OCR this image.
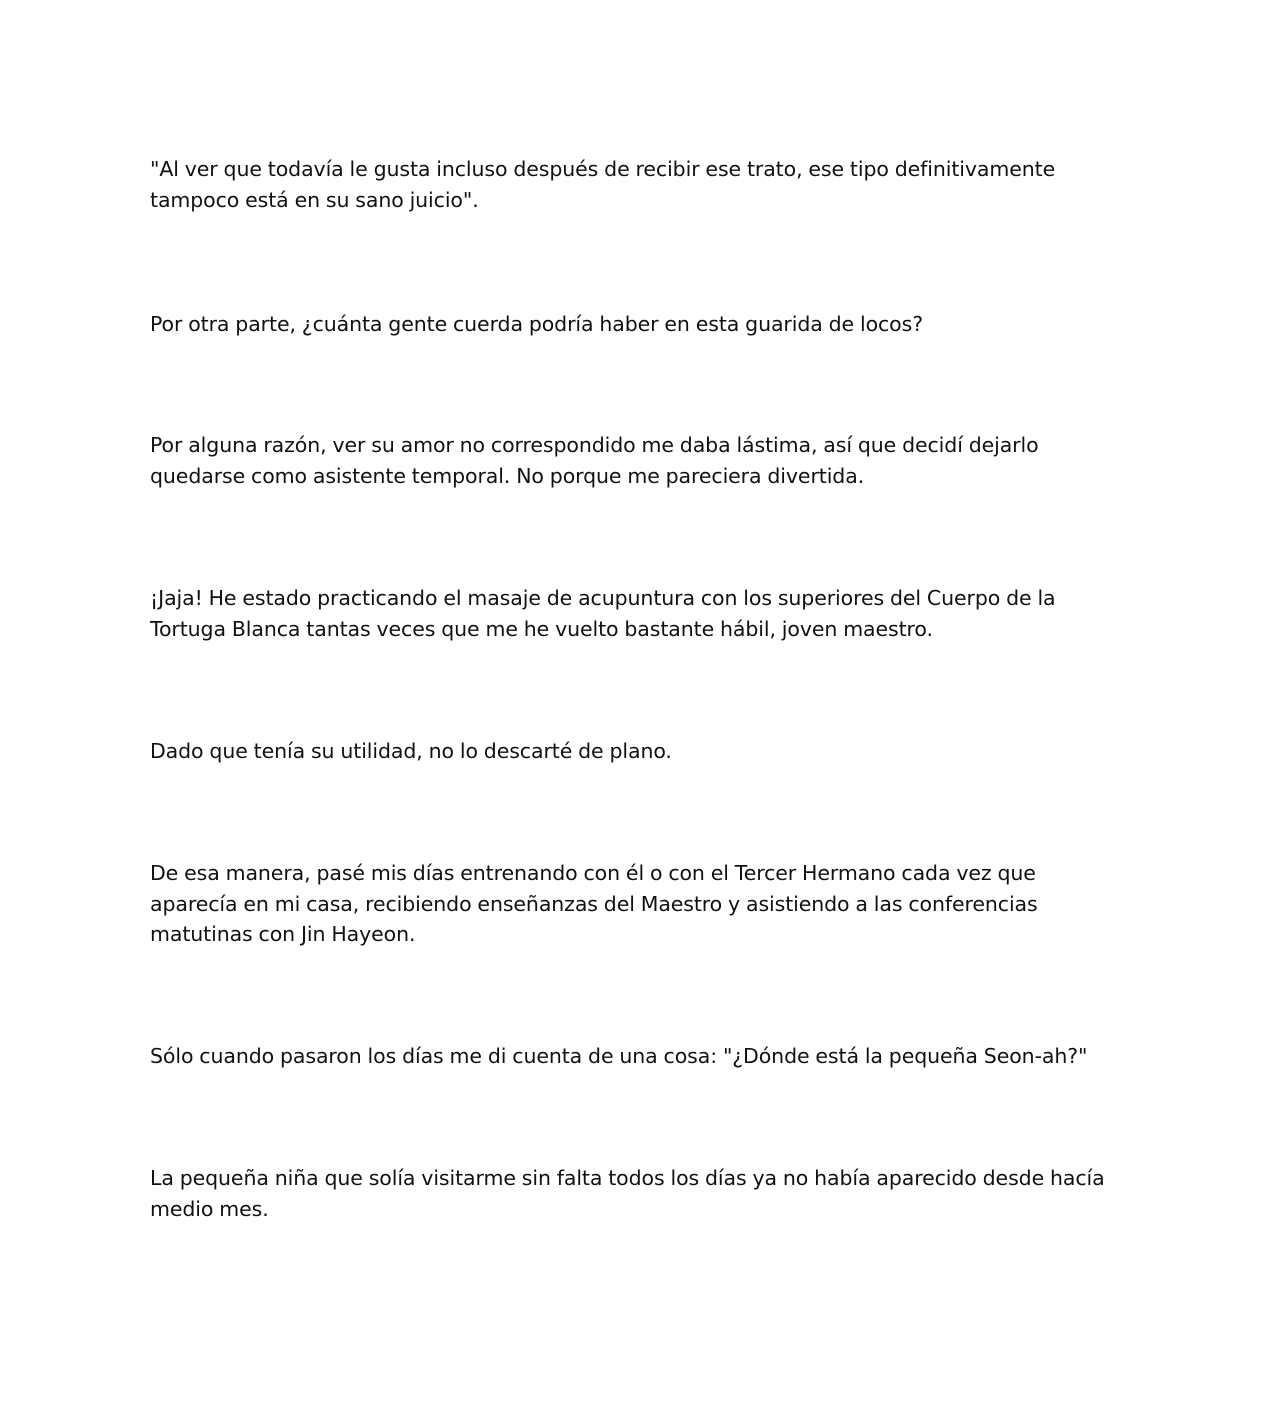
"Al ver que todavía le gusta incluso después de recibir ese trato, ese tipo definitivamente
tampoco está en su sano juicio".

Por otra parte, ¿cuánta gente cuerda podría haber en esta guarida de locos?

Por alguna razón, ver su amor no correspondido me daba lástima, así que decidí dejarlo
quedarse como asistente temporal. No porque me pareciera divertida.

¡Jaja! He estado practicando el masaje de acupuntura con los superiores del Cuerpo de la
Tortuga Blanca tantas veces que me he vuelto bastante hábil, joven maestro.

Dado que tenía su utilidad, no lo descarté de plano.

De esa manera, pasé mis días entrenando con él o con el Tercer Hermano cada vez que
aparecía en mi casa, recibiendo enseñanzas del Maestro y asistiendo a las conferencias
matutinas con Jin Hayeon.

Sólo cuando pasaron los días me di cuenta de una cosa: "¿Dónde está la pequeña Seon-ah?"

La pequeña niña que solía visitarme sin falta todos los días ya no había aparecido desde hacía
medio mes.
